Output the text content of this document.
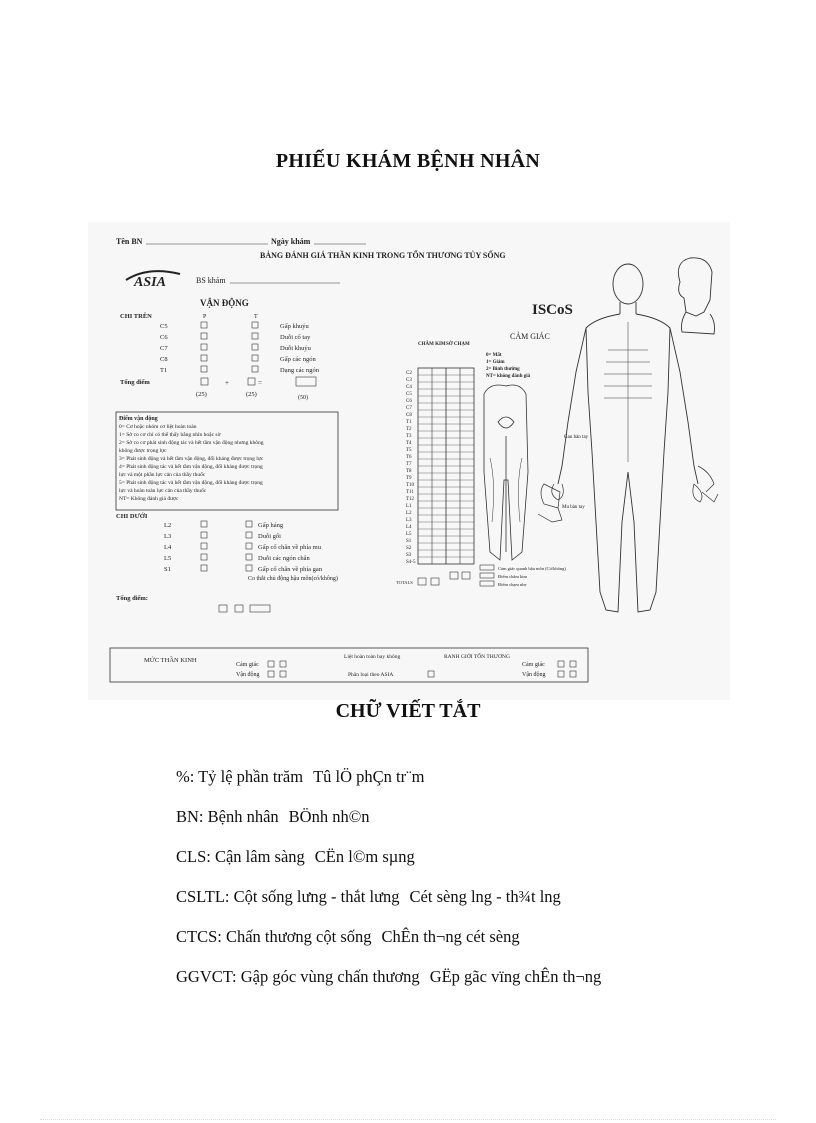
PHIẾU KHÁM BỆNH NHÂN
Tên BN	Ngày khám
BẢNG ĐÁNH GIÁ THẦN KINH TRONG TỔN THƯƠNG TỦY SỐNG
ASIA	BS khám
VẬN ĐỘNG
CHI TRÊN	P	T
C5	Gấp khuỷu
C6	Duỗi cổ tay
C7	Duỗi khuỷu
C8	Gấp các ngón
T1	Dạng các ngón
Tổng điểm	+	=
(25)	(25)	(50)
Điểm vận động
0= Cơ hoặc nhóm cơ liệt hoàn toàn
1= Sờ co cơ chỉ có thể thấy bằng nhìn hoặc sờ
2= Sờ co cơ phát sinh động tác và hết tầm vận động nhưng không
không được trọng lực
3= Phát sinh động và hết tầm vận động, đối kháng được trọng lực
4= Phát sinh động tác và hết tầm vận động, đối kháng được trọng
lực và một phần lực cản của thầy thuốc
5= Phát sinh động tác và hết tầm vận động, đối kháng được trọng
lực và hoàn toàn lực cản của thầy thuốc
NT= Không đánh giá được
CHI DƯỚI
L2	Gấp háng
L3	Duỗi gối
L4	Gấp cổ chân về phía mu
L5	Duỗi các ngón chân
S1	Gấp cổ chân về phía gan
Co thắt chủ động hậu môn(có/không)
Tổng điểm:
ISCoS
CẢM GIÁC
CHÂM KIM SỜ CHẠM
C2
C3
C4
C5
C6
C7
C8
T1
T2
T3
T4
T5
T6
T7
T8
T9
T10
T11
T12
L1
L2
L3
L4
L5
S1
S2
S3
S4-5
TOTALS
0= Mất
1= Giảm
2= Bình thường
NT= không đánh giá
Cảm giác quanh hậu môn (Có/không)
Điểm châm kim
Điểm chạm nhẹ
Gan bàn tay
Mu bàn tay
MỨC THẦN KINH
Cảm giác
Vận động
Liệt hoàn toàn hay không
Phân loại theo ASIA
RANH GIỚI TỔN THƯƠNG
Cảm giác
Vận động
CHỮ VIẾT TẮT
%: Tỷ lệ phần trăm Tû lÖ phÇn tr¨m
BN: Bệnh nhân BÖnh nh©n
CLS: Cận lâm sàng CËn l©m sµng
CSLTL: Cột sống lưng - thắt lưng Cét sèng lng - th¾t lng
CTCS: Chấn thương cột sống ChÊn th¬ng cét sèng
GGVCT: Gập góc vùng chấn thương GËp gãc vïng chÊn th¬ng
